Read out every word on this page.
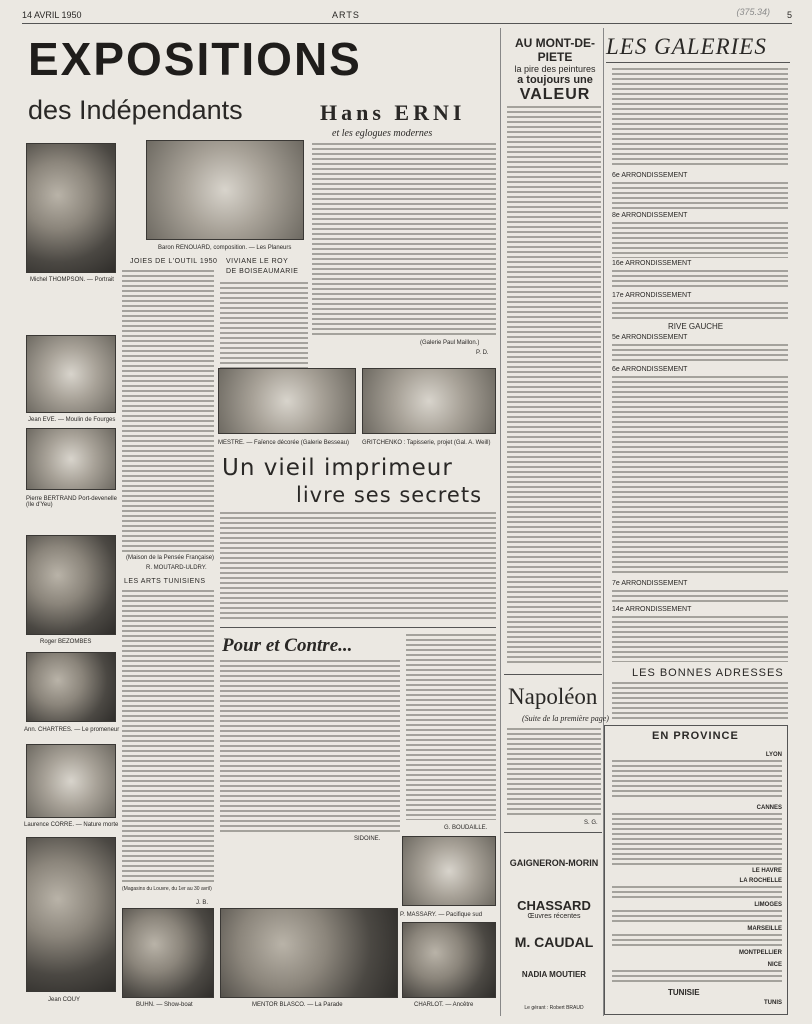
14 AVRIL 1950	ARTS	(375.34) 5
EXPOSITIONS
des Indépendants	Hans ERNI
et les eglogues modernes
Michel THOMPSON. — Portrait
Jean EVE. — Moulin de Fourges
Pierre BERTRAND Port-devenelle (Ile d'Yeu)
Roger BEZOMBES
Ann. CHARTRES. — Le promeneur
Laurence CORRE. — Nature morte
Jean COUY
Baron RENOUARD, composition. — Les Planeurs
(Galerie Paul Maillon.)
P. D.
JOIES DE L'OUTIL 1950
(Maison de la Pensée Française)
R. MOUTARD-ULDRY.
LES ARTS TUNISIENS
(Magasins du Louvre, du 1er au 30 avril)
J. B.
VIVIANE LE ROY
DE BOISEAUMARIE
MESTRE. — Faïence décorée (Galerie Besseau) GRITCHENKO : Tapisserie, projet (Gal. A. Weill)
Un vieil imprimeur
livre ses secrets
Pour et Contre...
SIDOINE.
G. BOUDAILLE.
BUHN. — Show-boat	MENTOR BLASCO. — La Parade
P. MASSARY. — Pacifique sud
CHARLOT. — Ancêtre
AU MONT-DE-PIETE
la pire des peintures
a toujours une
VALEUR
Napoléon
(Suite de la première page)
S. G.
GAIGNERON-MORIN
CHASSARD
Œuvres récentes
M. CAUDAL
NADIA MOUTIER
Le gérant : Robert BRAUD
LES GALERIES
6e ARRONDISSEMENT
8e ARRONDISSEMENT
16e ARRONDISSEMENT
17e ARRONDISSEMENT
RIVE GAUCHE
5e ARRONDISSEMENT
6e ARRONDISSEMENT
7e ARRONDISSEMENT
14e ARRONDISSEMENT
LES BONNES ADRESSES
EN PROVINCE
LYON
CANNES
LE HAVRE
LA ROCHELLE
LIMOGES
MARSEILLE
MONTPELLIER
NICE
TUNISIE
TUNIS
